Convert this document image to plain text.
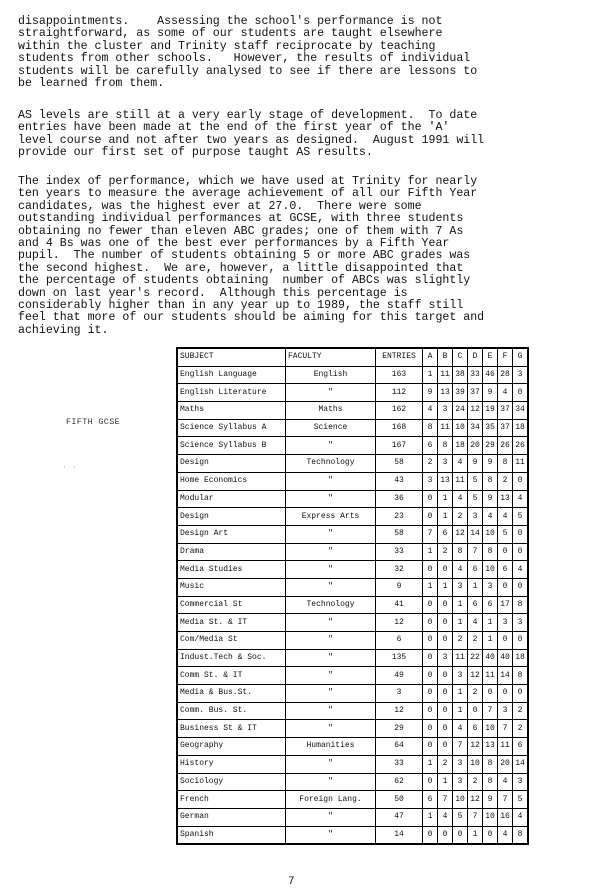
disappointments.    Assessing the school's performance is not
straightforward, as some of our students are taught elsewhere
within the cluster and Trinity staff reciprocate by teaching
students from other schools.   However, the results of individual
students will be carefully analysed to see if there are lessons to
be learned from them.
AS levels are still at a very early stage of development.  To date
entries have been made at the end of the first year of the 'A'
level course and not after two years as designed.  August 1991 will
provide our first set of purpose taught AS results.
The index of performance, which we have used at Trinity for nearly
ten years to measure the average achievement of all our Fifth Year
candidates, was the highest ever at 27.0.  There were some
outstanding individual performances at GCSE, with three students
obtaining no fewer than eleven ABC grades; one of them with 7 As
and 4 Bs was one of the best ever performances by a Fifth Year
pupil.  The number of students obtaining 5 or more ABC grades was
the second highest.  We are, however, a little disappointed that
the percentage of students obtaining  number of ABCs was slightly
down on last year's record.  Although this percentage is
considerably higher than in any year up to 1989, the staff still
feel that more of our students should be aiming for this target and
achieving it.
FIFTH GCSE
· ·
SUBJECT	FACULTY	ENTRIES	A	B	C	D	E	F	G
English Language	English	163	1	11	38	33	46	28	3
English Literature	"	112	9	13	39	37	9	4	0
Maths	Maths	162	4	3	24	12	19	37	34
Science Syllabus A	Science	168	8	11	10	34	35	37	18
Science Syllabus B	"	167	6	8	18	20	29	26	26
Design	Technology	58	2	3	4	9	9	8	11
Home Economics	"	43	3	13	11	5	8	2	0
Modular	"	36	0	1	4	5	9	13	4
Design	Express Arts	23	0	1	2	3	4	4	5
Design Art	"	58	7	6	12	14	10	5	0
Drama	"	33	1	2	8	7	8	0	0
Media Studies	"	32	0	0	4	6	10	6	4
Music	"	9	1	1	3	1	3	0	0
Commercial St	Technology	41	0	0	1	6	6	17	8
Media St. & IT	"	12	0	0	1	4	1	3	3
Com/Media St	"	6	0	0	2	2	1	0	0
Indust.Tech & Soc.	"	135	0	3	11	22	40	40	18
Comm St. & IT	"	49	0	0	3	12	11	14	8
Media & Bus.St.	"	3	0	0	1	2	0	0	0
Comm. Bus. St.	"	12	0	0	1	0	7	3	2
Business St & IT	"	29	0	0	4	6	10	7	2
Geography	Humanities	64	0	0	7	12	13	11	6
History	"	33	1	2	3	10	8	20	14
Sociology	"	62	0	1	3	2	8	4	3
French	Foreign Lang.	50	6	7	10	12	9	7	5
German	"	47	1	4	5	7	10	16	4
Spanish	"	14	0	0	0	1	0	4	8
7
